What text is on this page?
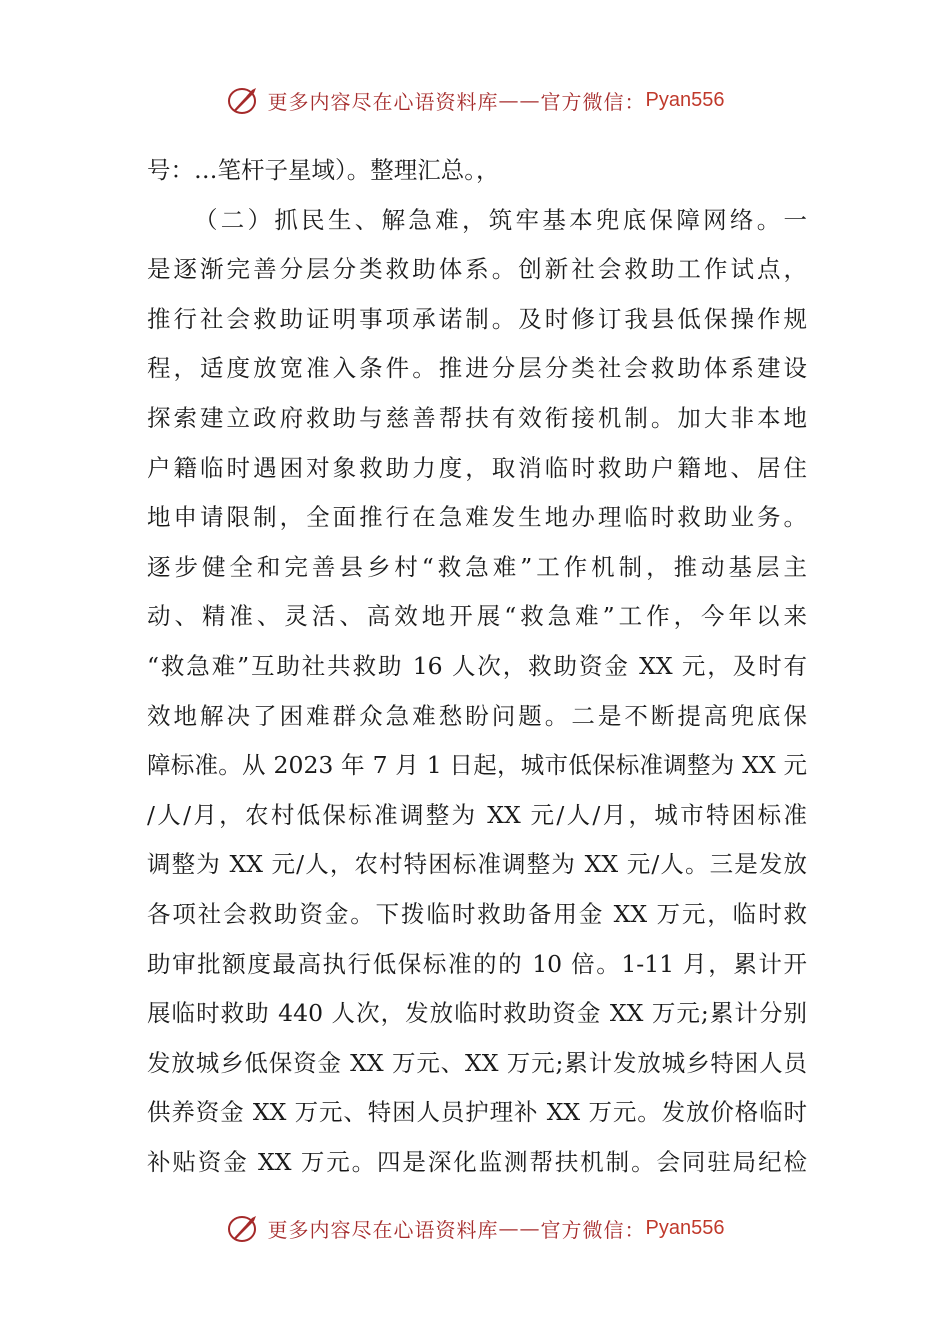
更多内容尽在心语资料库 —— 官方微信： Pyan556
号：…笔杆子星域）。整理汇总。，
（二）抓民生、解急难，筑牢基本兜底保障网络。一
是逐渐完善分层分类救助体系。创新社会救助工作试点，
推行社会救助证明事项承诺制。及时修订我县低保操作规
程，适度放宽准入条件。推进分层分类社会救助体系建设
探索建立政府救助与慈善帮扶有效衔接机制。加大非本地
户籍临时遇困对象救助力度，取消临时救助户籍地、居住
地申请限制，全面推行在急难发生地办理临时救助业务。
逐步健全和完善县乡村“救急难”工作机制，推动基层主
动、精准、灵活、高效地开展“救急难”工作，今年以来
“救急难”互助社共救助 16 人次，救助资金 XX 元，及时有
效地解决了困难群众急难愁盼问题。二是不断提高兜底保
障标准。从 2023 年 7 月 1 日起，城市低保标准调整为 XX 元
/人/月，农村低保标准调整为 XX 元/人/月，城市特困标准
调整为 XX 元/人，农村特困标准调整为 XX 元/人。三是发放
各项社会救助资金。下拨临时救助备用金 XX 万元，临时救
助审批额度最高执行低保标准的的 10 倍。1-11 月，累计开
展临时救助 440 人次，发放临时救助资金 XX 万元;累计分别
发放城乡低保资金 XX 万元、XX 万元;累计发放城乡特困人员
供养资金 XX 万元、特困人员护理补 XX 万元。发放价格临时
补贴资金 XX 万元。四是深化监测帮扶机制。会同驻局纪检
更多内容尽在心语资料库 —— 官方微信： Pyan556
